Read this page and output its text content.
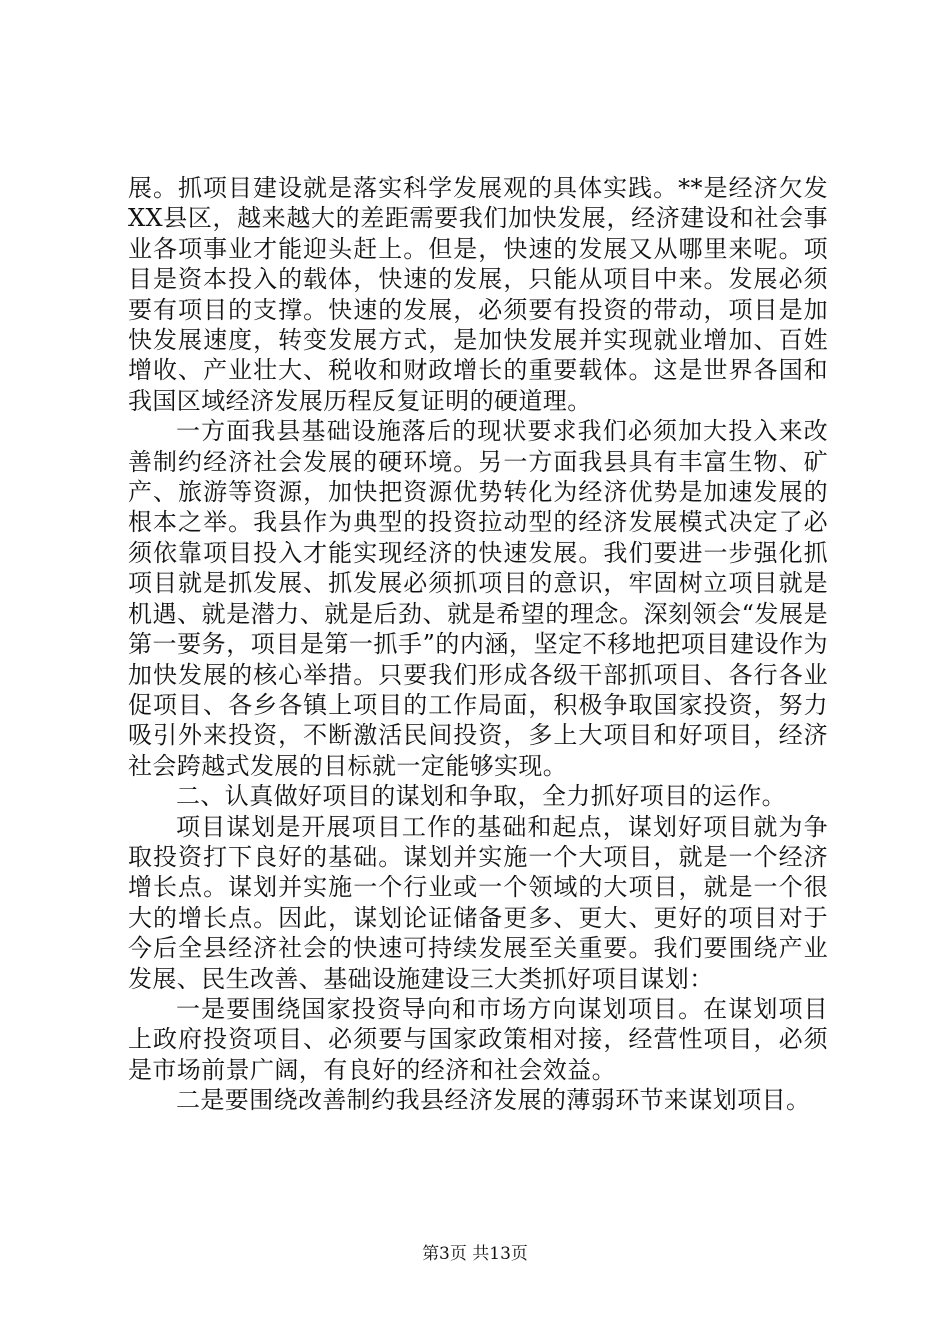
展。抓项目建设就是落实科学发展观的具体实践。**是经济欠发XX县区，越来越大的差距需要我们加快发展，经济建设和社会事业各项事业才能迎头赶上。但是，快速的发展又从哪里来呢。项目是资本投入的载体，快速的发展，只能从项目中来。发展必须要有项目的支撑。快速的发展，必须要有投资的带动，项目是加快发展速度，转变发展方式，是加快发展并实现就业增加、百姓增收、产业壮大、税收和财政增长的重要载体。这是世界各国和我国区域经济发展历程反复证明的硬道理。

一方面我县基础设施落后的现状要求我们必须加大投入来改善制约经济社会发展的硬环境。另一方面我县具有丰富生物、矿产、旅游等资源，加快把资源优势转化为经济优势是加速发展的根本之举。我县作为典型的投资拉动型的经济发展模式决定了必须依靠项目投入才能实现经济的快速发展。我们要进一步强化抓项目就是抓发展、抓发展必须抓项目的意识，牢固树立项目就是机遇、就是潜力、就是后劲、就是希望的理念。深刻领会“发展是第一要务，项目是第一抓手”的内涵，坚定不移地把项目建设作为加快发展的核心举措。只要我们形成各级干部抓项目、各行各业促项目、各乡各镇上项目的工作局面，积极争取国家投资，努力吸引外来投资，不断激活民间投资，多上大项目和好项目，经济社会跨越式发展的目标就一定能够实现。

二、认真做好项目的谋划和争取，全力抓好项目的运作。

项目谋划是开展项目工作的基础和起点，谋划好项目就为争取投资打下良好的基础。谋划并实施一个大项目，就是一个经济增长点。谋划并实施一个行业或一个领域的大项目，就是一个很大的增长点。因此，谋划论证储备更多、更大、更好的项目对于今后全县经济社会的快速可持续发展至关重要。我们要围绕产业发展、民生改善、基础设施建设三大类抓好项目谋划：

一是要围绕国家投资导向和市场方向谋划项目。在谋划项目上政府投资项目、必须要与国家政策相对接，经营性项目，必须是市场前景广阔，有良好的经济和社会效益。

二是要围绕改善制约我县经济发展的薄弱环节来谋划项目。

第3页 共13页
